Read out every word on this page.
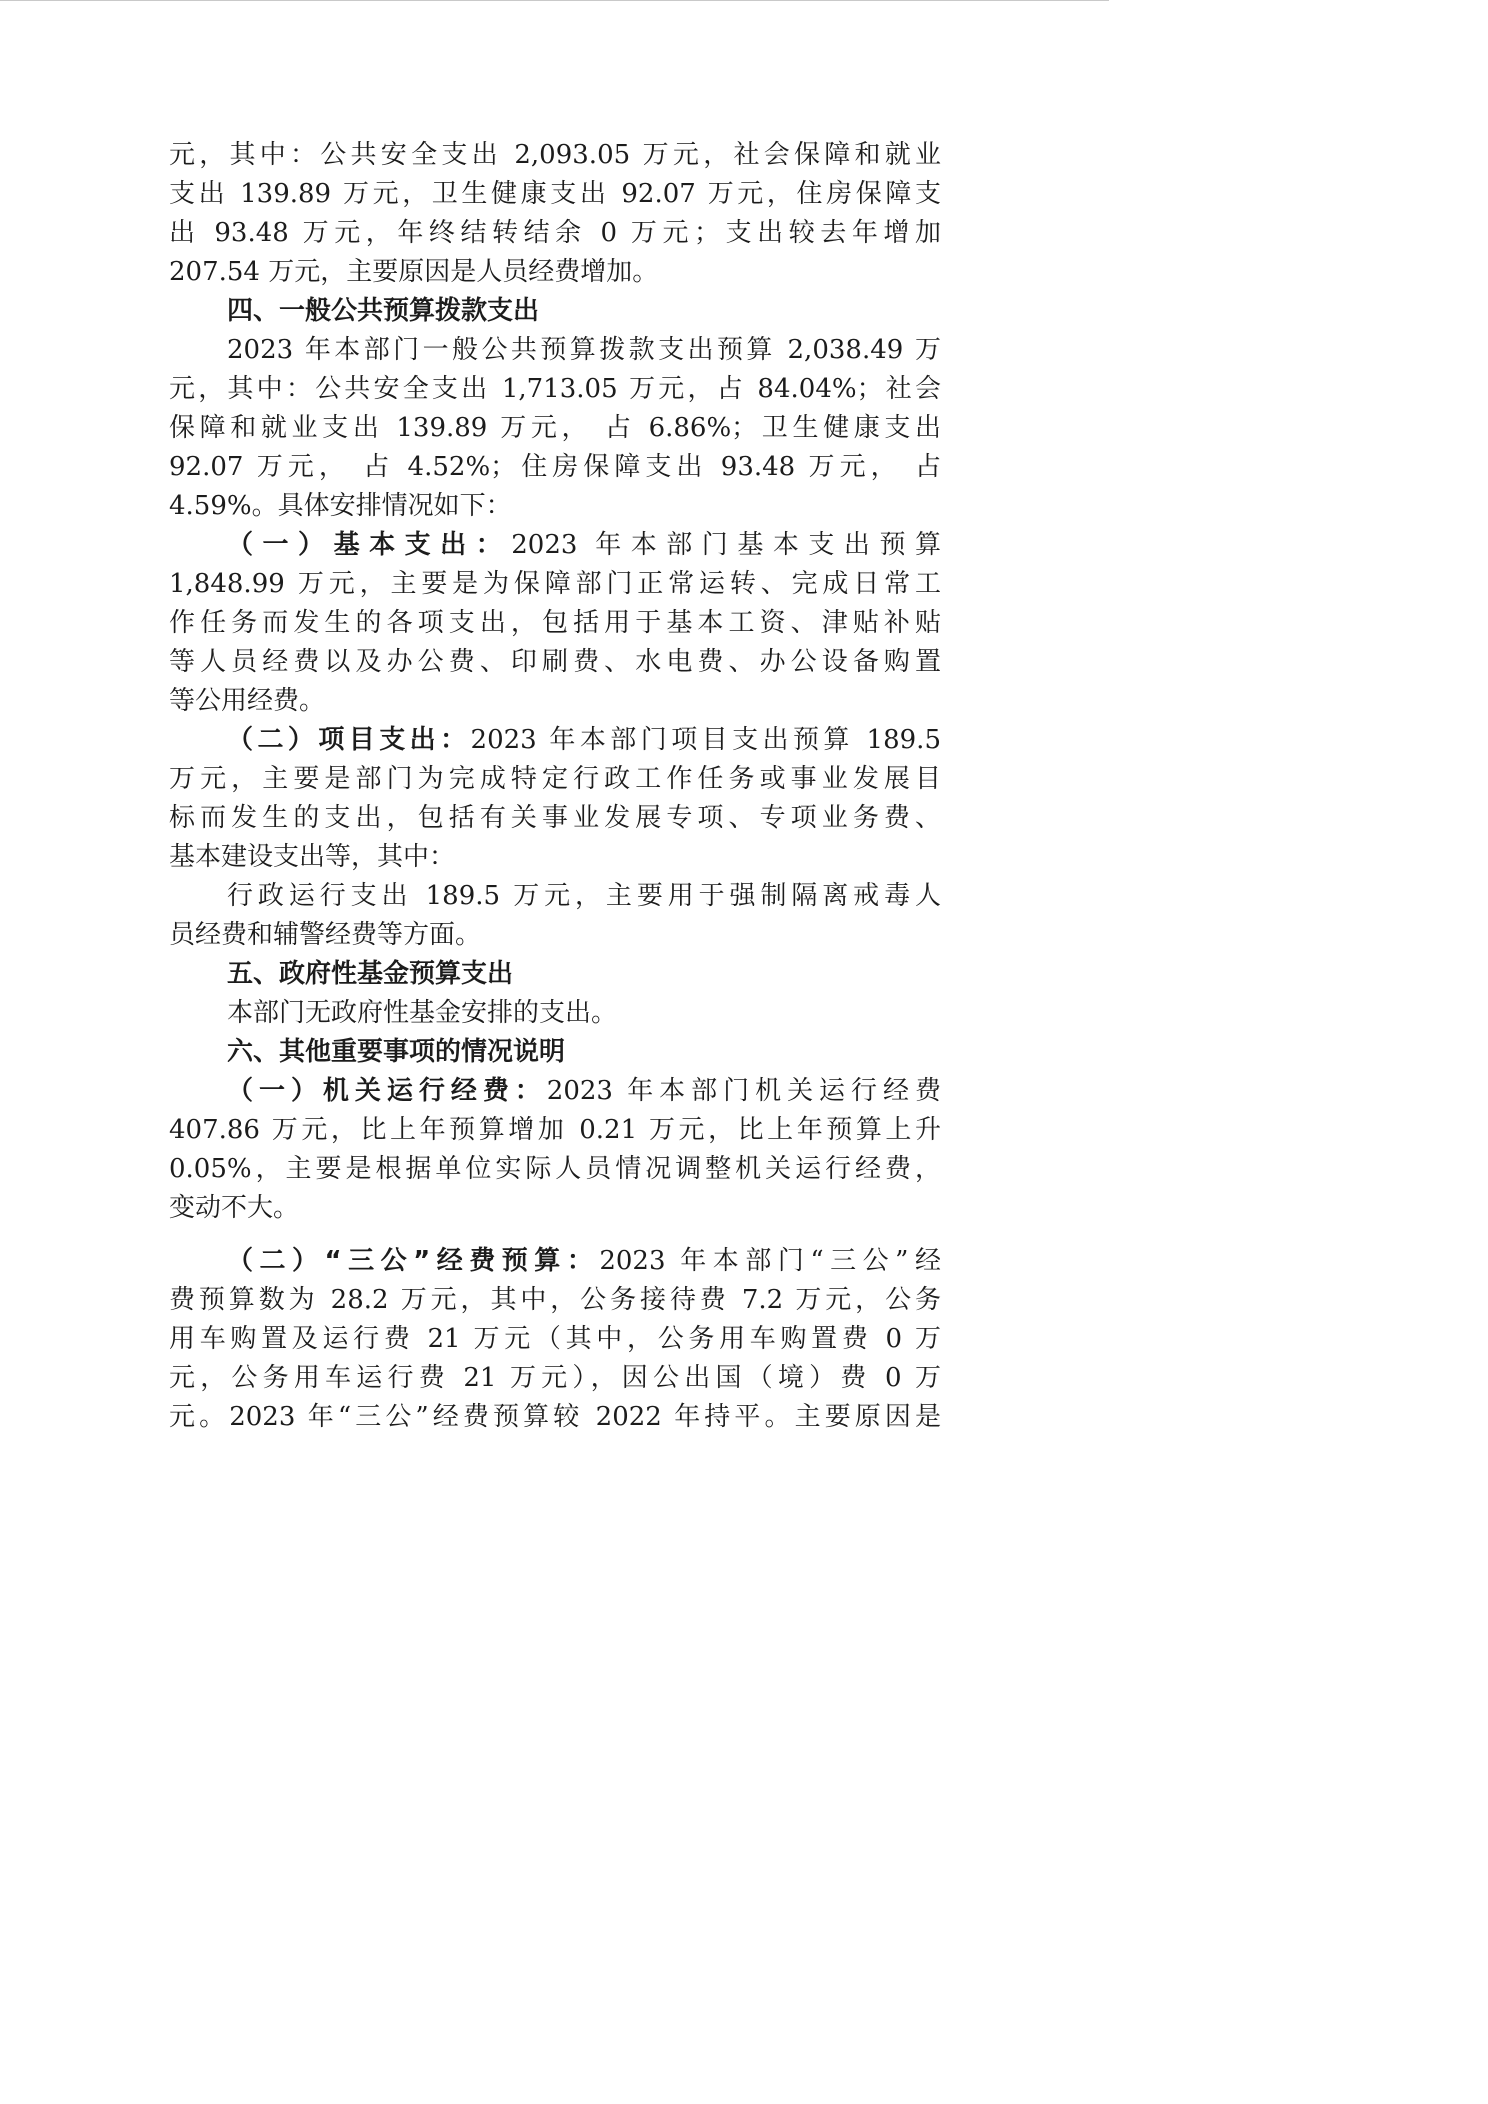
元，其中：公共安全支出 2,093.05 万元，社会保障和就业
支出 139.89 万元，卫生健康支出 92.07 万元，住房保障支
出 93.48 万元，年终结转结余 0 万元；支出较去年增加
207.54 万元，主要原因是人员经费增加。
四、一般公共预算拨款支出
2023 年本部门一般公共预算拨款支出预算 2,038.49 万
元，其中：公共安全支出 1,713.05 万元，占 84.04%；社会
保障和就业支出 139.89 万元， 占 6.86%；卫生健康支出
92.07 万元， 占 4.52%；住房保障支出 93.48 万元， 占
4.59%。具体安排情况如下：
（一）基本支出：2023 年本部门基本支出预算
1,848.99 万元，主要是为保障部门正常运转、完成日常工
作任务而发生的各项支出，包括用于基本工资、津贴补贴
等人员经费以及办公费、印刷费、水电费、办公设备购置
等公用经费。
（二）项目支出：2023 年本部门项目支出预算 189.5
万元，主要是部门为完成特定行政工作任务或事业发展目
标而发生的支出，包括有关事业发展专项、专项业务费、
基本建设支出等，其中：
行政运行支出 189.5 万元，主要用于强制隔离戒毒人
员经费和辅警经费等方面。
五、政府性基金预算支出
本部门无政府性基金安排的支出。
六、其他重要事项的情况说明
（一）机关运行经费：2023 年本部门机关运行经费
407.86 万元，比上年预算增加 0.21 万元，比上年预算上升
0.05%，主要是根据单位实际人员情况调整机关运行经费，
变动不大。
（二）“三公”经费预算：2023 年本部门“三公”经
费预算数为 28.2 万元，其中，公务接待费 7.2 万元，公务
用车购置及运行费 21 万元（其中，公务用车购置费 0 万
元，公务用车运行费 21 万元），因公出国（境）费 0 万
元。2023 年“三公”经费预算较 2022 年持平。主要原因是
